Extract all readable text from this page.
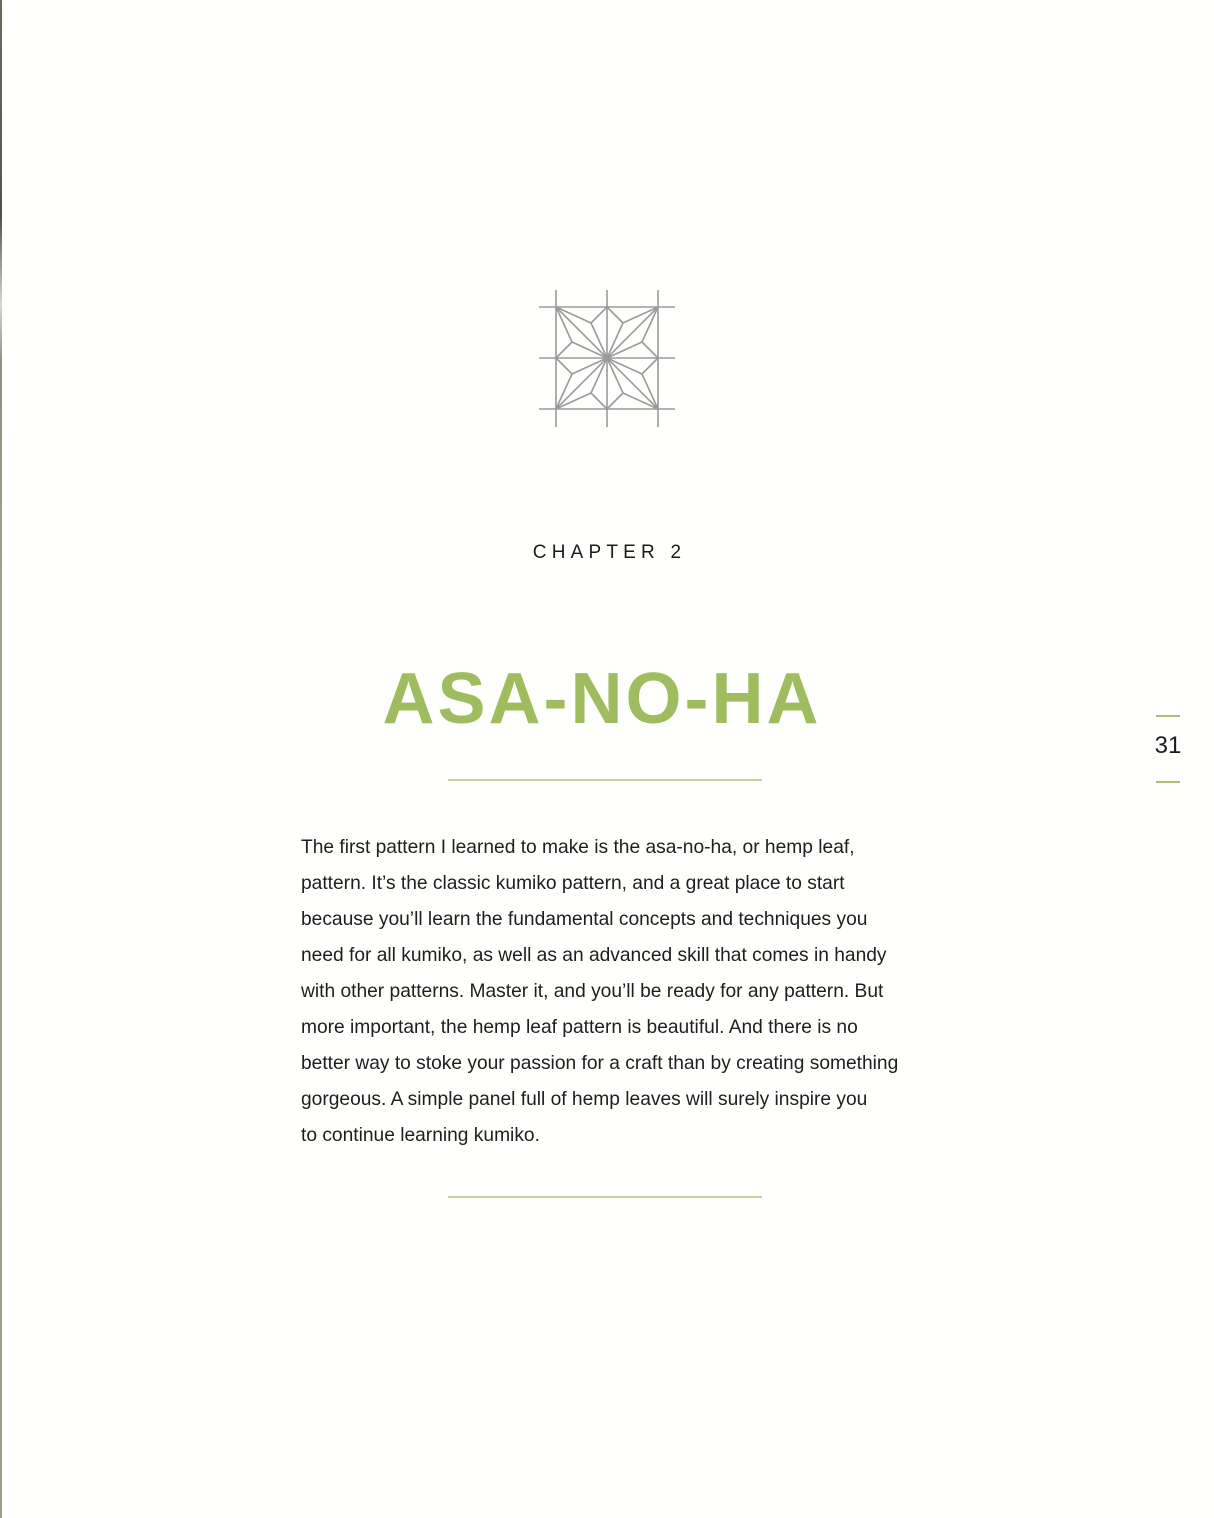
CHAPTER 2
ASA-NO-HA
31

The first pattern I learned to make is the asa-no-ha, or hemp leaf,
pattern. It’s the classic kumiko pattern, and a great place to start
because you’ll learn the fundamental concepts and techniques you
need for all kumiko, as well as an advanced skill that comes in handy
with other patterns. Master it, and you’ll be ready for any pattern. But
more important, the hemp leaf pattern is beautiful. And there is no
better way to stoke your passion for a craft than by creating something
gorgeous. A simple panel full of hemp leaves will surely inspire you
to continue learning kumiko.
